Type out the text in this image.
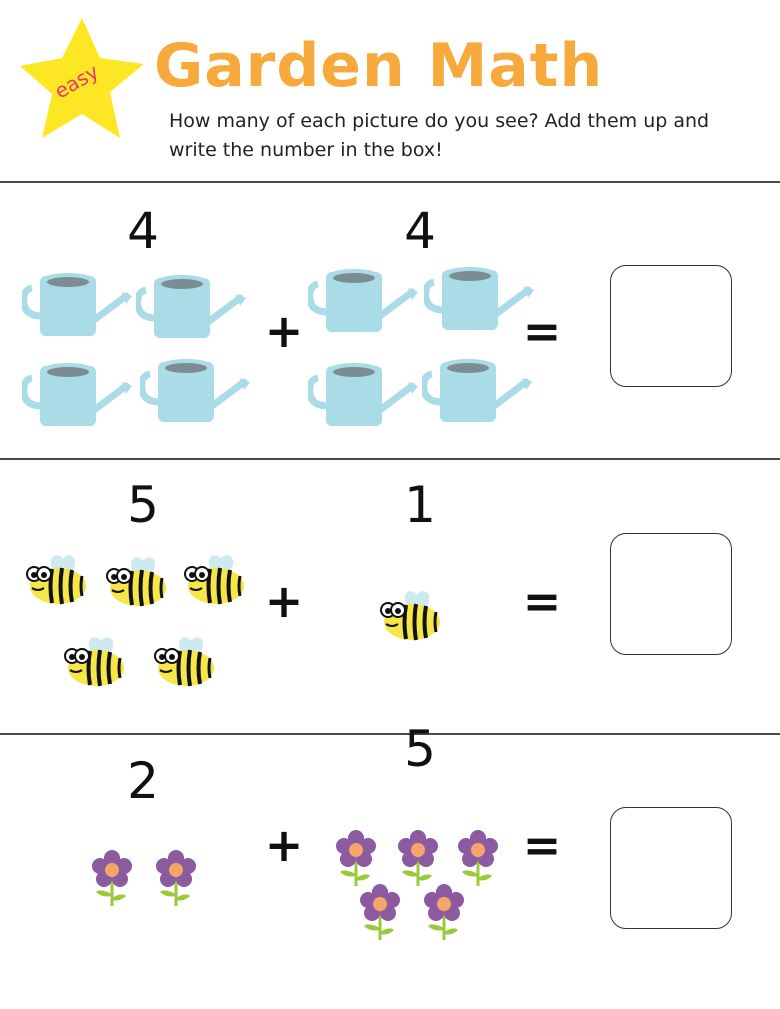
easy Garden Math
How many of each picture do you see? Add them up and write the number in the box!
4	4
+	=
5	1
+	=
2
5
+	=
